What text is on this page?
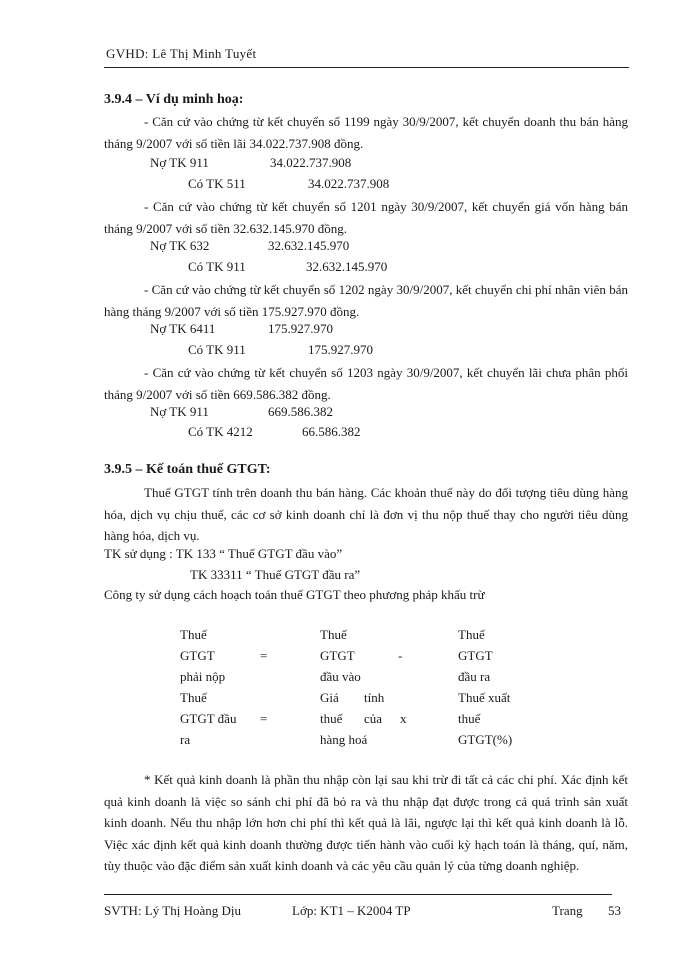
GVHD: Lê Thị Minh Tuyết
3.9.4 – Ví dụ minh hoạ:
- Căn cứ vào chứng từ kết chuyển số 1199 ngày 30/9/2007, kết chuyển doanh thu bán hàng tháng 9/2007 với số tiền lãi 34.022.737.908 đồng.
Nợ TK 911	34.022.737.908
Có TK 511	34.022.737.908
- Căn cứ vào chứng từ kết chuyển số 1201 ngày 30/9/2007, kết chuyển giá vốn hàng bán tháng 9/2007 với số tiền 32.632.145.970 đồng.
Nợ TK 632	32.632.145.970
Có TK 911	32.632.145.970
- Căn cứ vào chứng từ kết chuyển số 1202 ngày 30/9/2007, kết chuyển chi phí nhân viên bán hàng tháng 9/2007 với số tiền 175.927.970 đồng.
Nợ TK 6411	175.927.970
Có TK 911	175.927.970
- Căn cứ vào chứng từ kết chuyển số 1203 ngày 30/9/2007, kết chuyển lãi chưa phân phối tháng 9/2007 với số tiền 669.586.382 đồng.
Nợ TK 911	669.586.382
Có TK 4212	66.586.382
3.9.5 – Kế toán thuế GTGT:
Thuế GTGT tính trên doanh thu bán hàng. Các khoản thuế này do đối tượng tiêu dùng hàng hóa, dịch vụ chịu thuế, các cơ sở kinh doanh chỉ là đơn vị thu nộp thuế thay cho người tiêu dùng hàng hóa, dịch vụ.
TK sử dụng : TK 133 “ Thuế GTGT đầu vào”
TK 33311 “ Thuế GTGT đầu ra”
Công ty sử dụng cách hoạch toán thuế GTGT theo phương pháp khấu trừ
Thuế
GTGT
phải nộp
=
Thuế
GTGT
đầu vào
-
Thuế
GTGT
đầu ra
Thuế
GTGT đầu
ra
=
Giá tính
thuế của
hàng hoá
x
Thuế xuất
thuế
GTGT(%)
* Kết quả kinh doanh là phần thu nhập còn lại sau khi trừ đi tất cả các chi phí. Xác định kết quả kinh doanh là việc so sánh chi phí đã bỏ ra và thu nhập đạt được trong cả quá trình sản xuất kinh doanh. Nếu thu nhập lớn hơn chi phí thì kết quả là lãi, ngược lại thì kết quả kinh doanh là lỗ. Việc xác định kết quả kinh doanh thường được tiến hành vào cuối kỳ hạch toán là tháng, quí, năm, tùy thuộc vào đặc điểm sản xuất kinh doanh và các yêu cầu quản lý của từng doanh nghiệp.
SVTH: Lý Thị Hoàng Dịu	Lớp: KT1 – K2004 TP	Trang 53
